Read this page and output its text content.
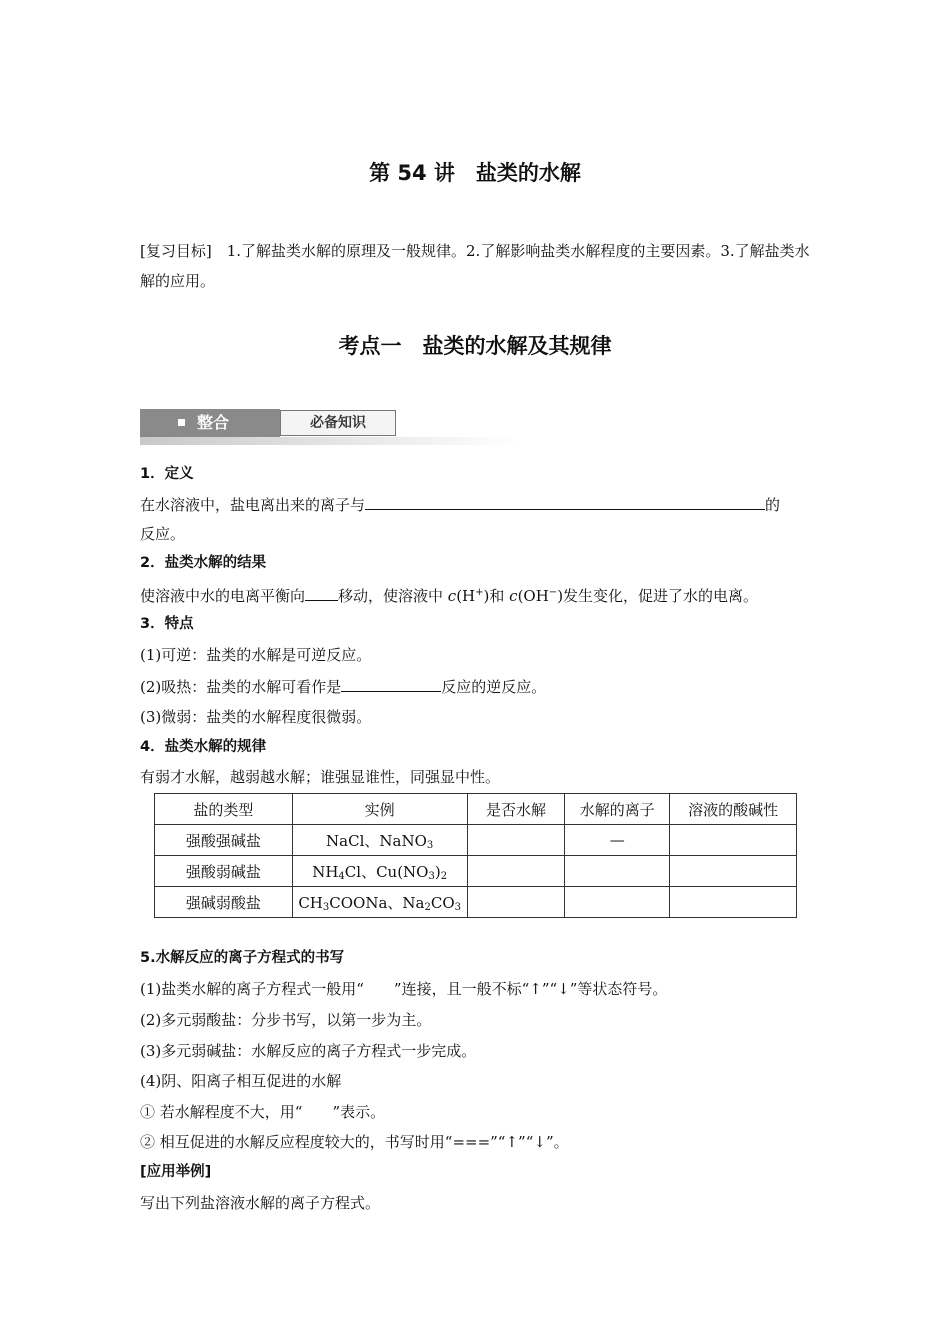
第 54 讲　盐类的水解
[复习目标]　1.了解盐类水解的原理及一般规律。2.了解影响盐类水解程度的主要因素。3.了解盐类水解的应用。
考点一　盐类的水解及其规律
整合	必备知识
1．定义
在水溶液中，盐电离出来的离子与	的
反应。
2．盐类水解的结果
使溶液中水的电离平衡向 移动，使溶液中 c(H+)和 c(OH−)发生变化，促进了水的电离。
3．特点
(1)可逆：盐类的水解是可逆反应。
(2)吸热：盐类的水解可看作是	反应的逆反应。
(3)微弱：盐类的水解程度很微弱。
4．盐类水解的规律
有弱才水解，越弱越水解；谁强显谁性，同强显中性。
盐的类型	实例	是否水解	水解的离子	溶液的酸碱性
强酸强碱盐	NaCl、NaNO$_3$		—	
强酸弱碱盐	$NH_4Cl$、$Cu(NO_3)_2$			
强碱弱酸盐	$CH_3COONa$、$Na_2CO_3$			
5.水解反应的离子方程式的书写
(1)盐类水解的离子方程式一般用“　　”连接，且一般不标“↑”“↓”等状态符号。
(2)多元弱酸盐：分步书写，以第一步为主。
(3)多元弱碱盐：水解反应的离子方程式一步完成。
(4)阴、阳离子相互促进的水解
① 若水解程度不大，用“　　”表示。
② 相互促进的水解反应程度较大的，书写时用“===”“↑”“↓”。
[应用举例]
写出下列盐溶液水解的离子方程式。
